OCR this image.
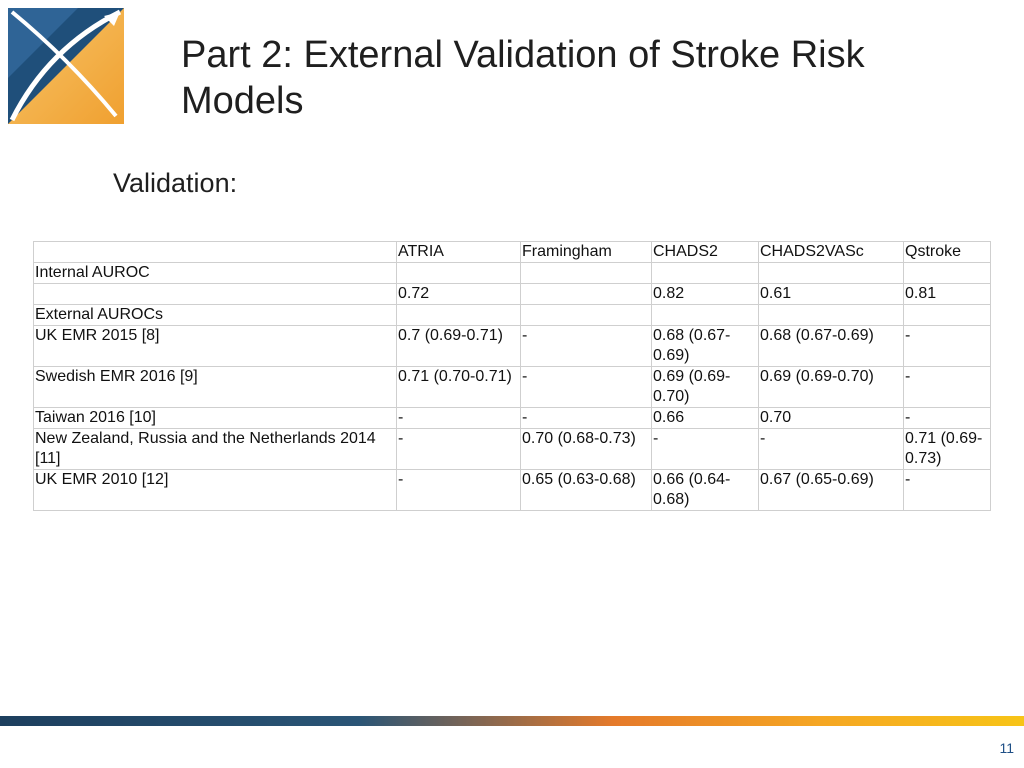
Part 2: External Validation of Stroke Risk Models
Validation:
	ATRIA	Framingham	CHADS2	CHADS2VASc	Qstroke
Internal AUROC					
	0.72		0.82	0.61	0.81
External AUROCs					
UK EMR 2015 [8]	0.7 (0.69-0.71)	-	0.68 (0.67-0.69)	0.68 (0.67-0.69)	-
Swedish EMR 2016 [9]	0.71 (0.70-0.71)	-	0.69 (0.69-0.70)	0.69 (0.69-0.70)	-
Taiwan 2016 [10]	-	-	0.66	0.70	-
New Zealand, Russia and the Netherlands 2014 [11]	-	0.70 (0.68-0.73)	-	-	0.71 (0.69-0.73)
UK EMR 2010 [12]	-	0.65 (0.63-0.68)	0.66 (0.64-0.68)	0.67 (0.65-0.69)	-
11
